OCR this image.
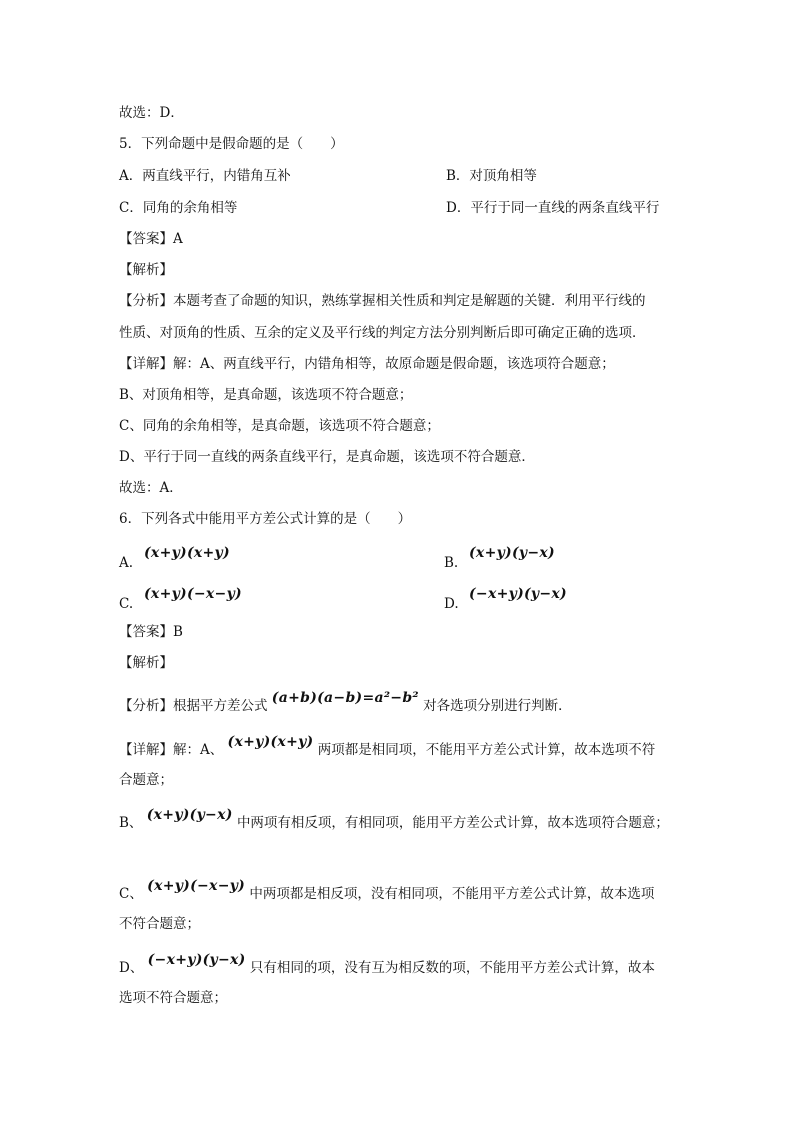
故选：D．
5．下列命题中是假命题的是（　　）
A．两直线平行，内错角互补	B．对顶角相等
C．同角的余角相等	D．平行于同一直线的两条直线平行
【答案】A
【解析】
【分析】本题考查了命题的知识，熟练掌握相关性质和判定是解题的关键．利用平行线的
性质、对顶角的性质、互余的定义及平行线的判定方法分别判断后即可确定正确的选项．
【详解】解：A、两直线平行，内错角相等，故原命题是假命题，该选项符合题意；
B、对顶角相等，是真命题，该选项不符合题意；
C、同角的余角相等，是真命题，该选项不符合题意；
D、平行于同一直线的两条直线平行，是真命题，该选项不符合题意．
故选：A．
6．下列各式中能用平方差公式计算的是（　　）
A.
(x+y)(x+y)
B.
(x+y)(y−x)
C.
(x+y)(−x−y)
D.
(−x+y)(y−x)
【答案】B
【解析】
【分析】根据平方差公式 (a+b)(a−b)=a²−b² 对各选项分别进行判断．
【详解】解：A、 (x+y)(x+y) 两项都是相同项，不能用平方差公式计算，故本选项不符
合题意；
B、 (x+y)(y−x) 中两项有相反项，有相同项，能用平方差公式计算，故本选项符合题意；
C、 (x+y)(−x−y) 中两项都是相反项，没有相同项，不能用平方差公式计算，故本选项
不符合题意；
D、 (−x+y)(y−x) 只有相同的项，没有互为相反数的项，不能用平方差公式计算，故本
选项不符合题意；
